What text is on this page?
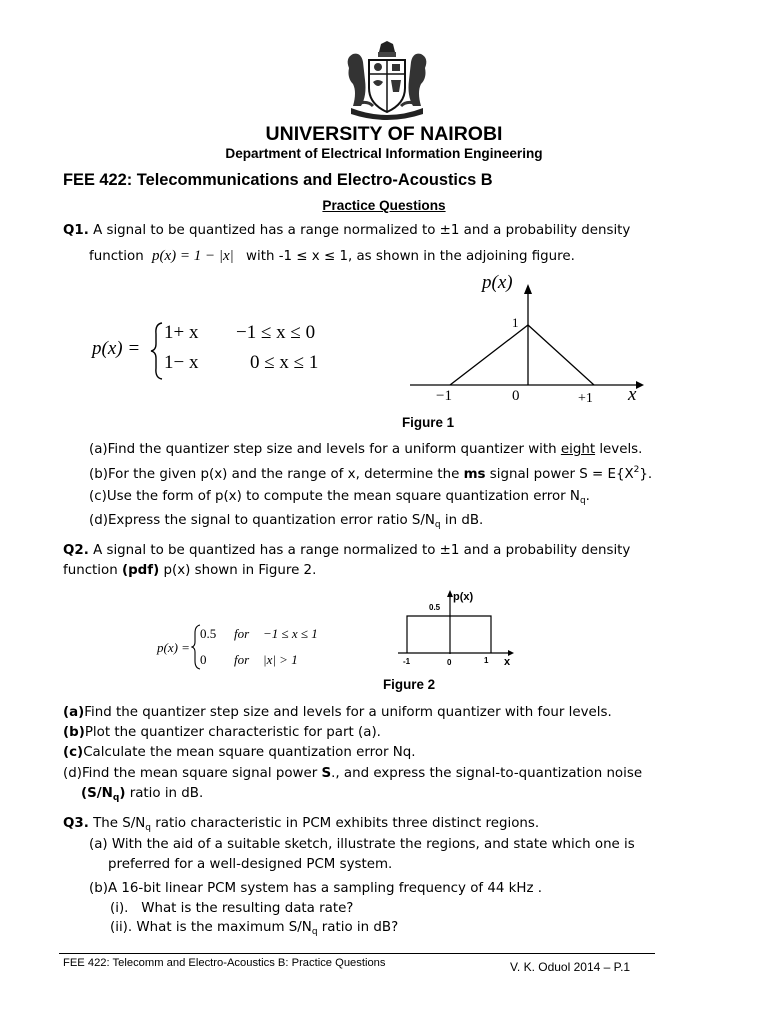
UNIVERSITY OF NAIROBI
Department of Electrical Information Engineering
FEE 422: Telecommunications and Electro-Acoustics B
Practice Questions
Q1. A signal to be quantized has a range normalized to ±1 and a probability density
function p(x) = 1 − |x| with -1 ≤ x ≤ 1, as shown in the adjoining figure.
p(x) =
1+ x −1 ≤ x ≤ 0
1− x	0 ≤ x ≤ 1
p(x)
1
−1	0	+1 x
Figure 1
(a)Find the quantizer step size and levels for a uniform quantizer with eight levels.
(b)For the given p(x) and the range of x, determine the ms signal power $S = E\{X^2\}$.
(c)Use the form of p(x) to compute the mean square quantization error $N_q$.
(d)Express the signal to quantization error ratio $S/N_q$ in dB.
Q2. A signal to be quantized has a range normalized to ±1 and a probability density
function (pdf) p(x) shown in Figure 2.
p(x) =
0.5 for −1 ≤ x ≤ 1
0 for |x| > 1
p(x)
0.5
-1	0	1 x
Figure 2
(a)Find the quantizer step size and levels for a uniform quantizer with four levels.
(b)Plot the quantizer characteristic for part (a).
(c)Calculate the mean square quantization error Nq.
(d)Find the mean square signal power S., and express the signal-to-quantization noise
$(S/N_q)$ ratio in dB.
Q3. The $S/N_q$ ratio characteristic in PCM exhibits three distinct regions.
(a) With the aid of a suitable sketch, illustrate the regions, and state which one is
preferred for a well-designed PCM system.
(b)A 16-bit linear PCM system has a sampling frequency of 44 kHz .
(i). What is the resulting data rate?
(ii). What is the maximum $S/N_q$ ratio in dB?
FEE 422: Telecomm and Electro-Acoustics B: Practice Questions	V. K. Oduol 2014 – P.1
